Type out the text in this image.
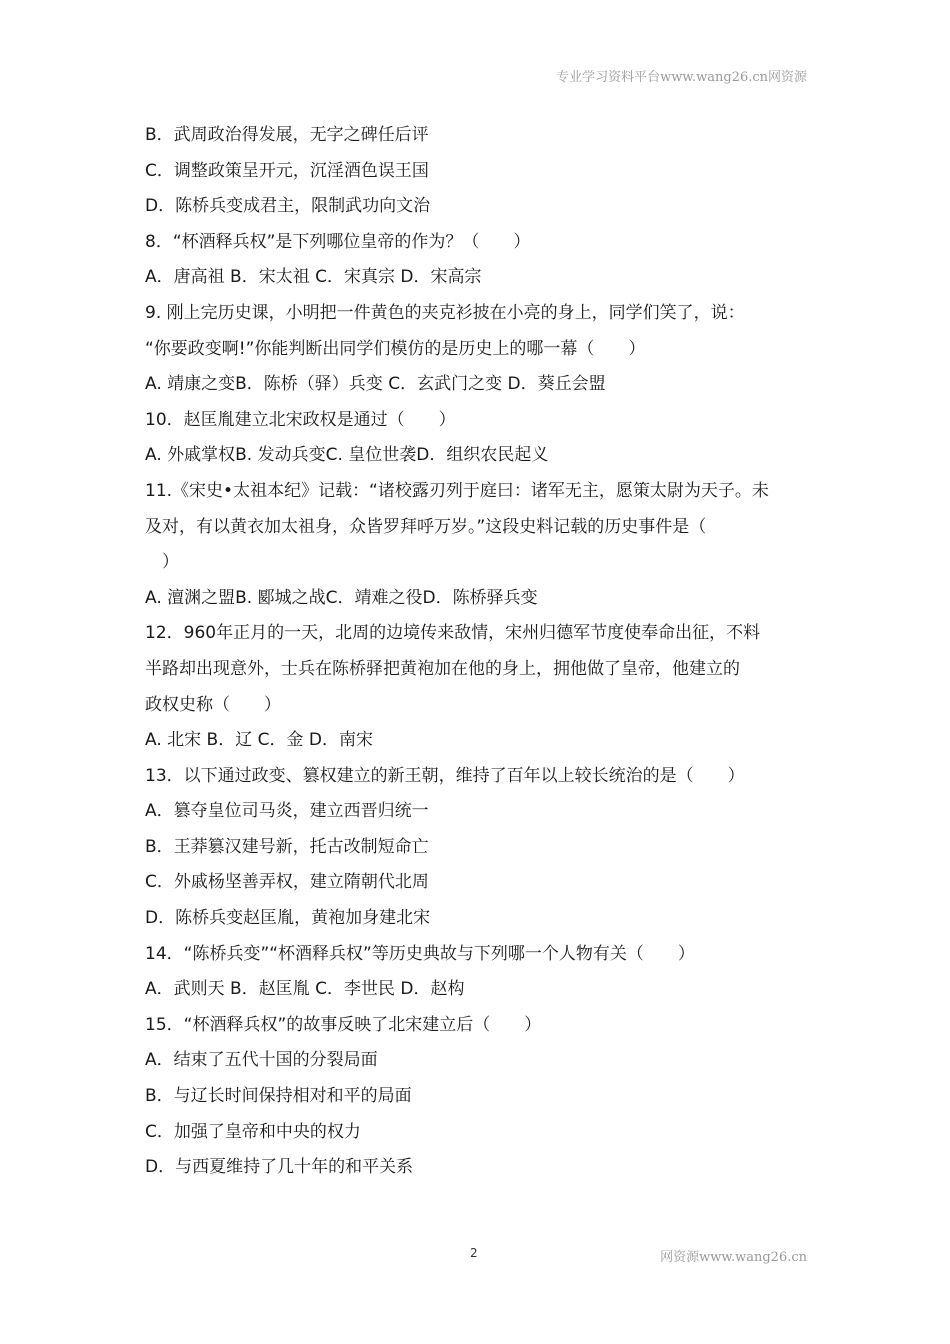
专业学习资料平台www.wang26.cn网资源
B．武周政治得发展，无字之碑任后评
C．调整政策呈开元，沉淫酒色误王国
D．陈桥兵变成君主，限制武功向文治
8．“杯酒释兵权”是下列哪位皇帝的作为？（　　）
A．唐高祖 B．宋太祖 C．宋真宗 D．宋高宗
9. 刚上完历史课，小明把一件黄色的夹克衫披在小亮的身上，同学们笑了，说：
“你要政变啊!”你能判断出同学们模仿的是历史上的哪一幕（　　）
A. 靖康之变B．陈桥（驿）兵变 C．玄武门之变 D．葵丘会盟
10．赵匡胤建立北宋政权是通过（　　）
A. 外戚掌权B. 发动兵变C. 皇位世袭D．组织农民起义
11.《宋史•太祖本纪》记载：“诸校露刃列于庭曰：诸军无主，愿策太尉为天子。未
及对，有以黄衣加太祖身，众皆罗拜呼万岁。”这段史料记载的历史事件是（
　）
A. 澶渊之盟B. 郾城之战C．靖难之役D．陈桥驿兵变
12．960年正月的一天，北周的边境传来敌情，宋州归德军节度使奉命出征，不料
半路却出现意外，士兵在陈桥驿把黄袍加在他的身上，拥他做了皇帝，他建立的
政权史称（　　）
A. 北宋 B．辽 C．金 D．南宋
13．以下通过政变、篡权建立的新王朝，维持了百年以上较长统治的是（　　）
A．篡夺皇位司马炎，建立西晋归统一
B．王莽篡汉建号新，托古改制短命亡
C．外戚杨坚善弄权，建立隋朝代北周
D．陈桥兵变赵匡胤，黄袍加身建北宋
14．“陈桥兵变”“杯酒释兵权”等历史典故与下列哪一个人物有关（　　）
A．武则天 B．赵匡胤 C．李世民 D．赵构
15．“杯酒释兵权”的故事反映了北宋建立后（　　）
A．结束了五代十国的分裂局面
B．与辽长时间保持相对和平的局面
C．加强了皇帝和中央的权力
D．与西夏维持了几十年的和平关系
2	网资源www.wang26.cn
